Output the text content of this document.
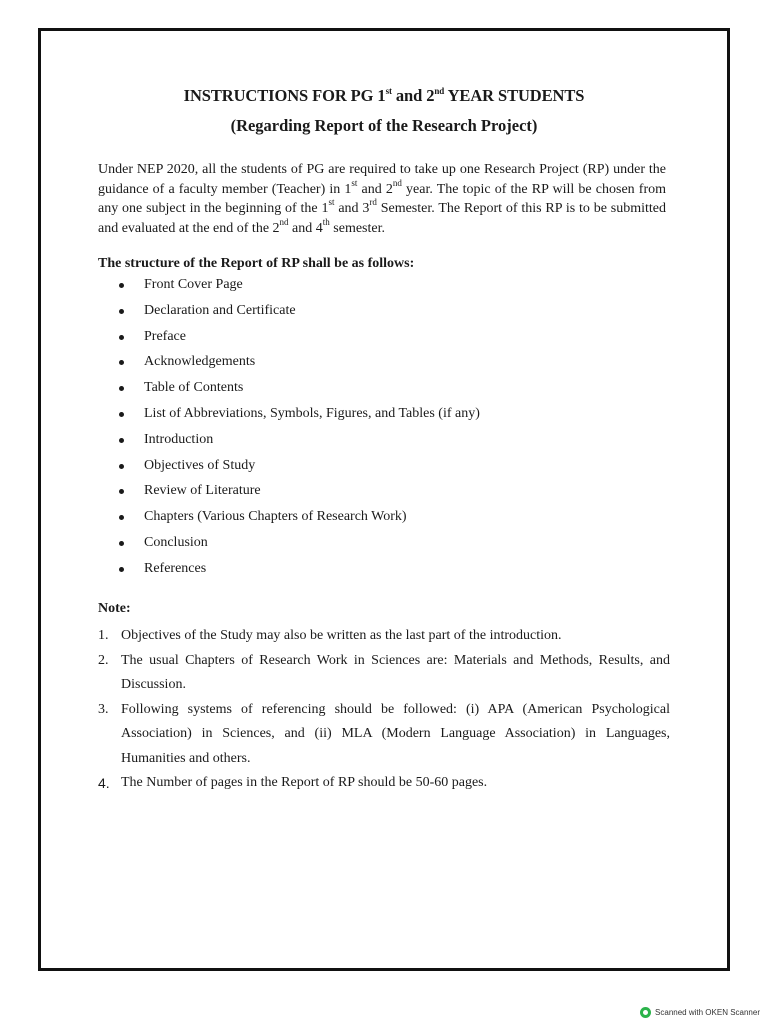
INSTRUCTIONS FOR PG 1st and 2nd YEAR STUDENTS
(Regarding Report of the Research Project)

Under NEP 2020, all the students of PG are required to take up one Research Project (RP) under the guidance of a faculty member (Teacher) in 1st and 2nd year. The topic of the RP will be chosen from any one subject in the beginning of the 1st and 3rd Semester. The Report of this RP is to be submitted and evaluated at the end of the 2nd and 4th semester.

The structure of the Report of RP shall be as follows:
Front Cover Page
Declaration and Certificate
Preface
Acknowledgements
Table of Contents
List of Abbreviations, Symbols, Figures, and Tables (if any)
Introduction
Objectives of Study
Review of Literature
Chapters (Various Chapters of Research Work)
Conclusion
References
Note:
1. Objectives of the Study may also be written as the last part of the introduction.
2. The usual Chapters of Research Work in Sciences are: Materials and Methods, Results, and Discussion.
3. Following systems of referencing should be followed: (i) APA (American Psychological Association) in Sciences, and (ii) MLA (Modern Language Association) in Languages, Humanities and others.
4. The Number of pages in the Report of RP should be 50-60 pages.
Scanned with OKEN Scanner
